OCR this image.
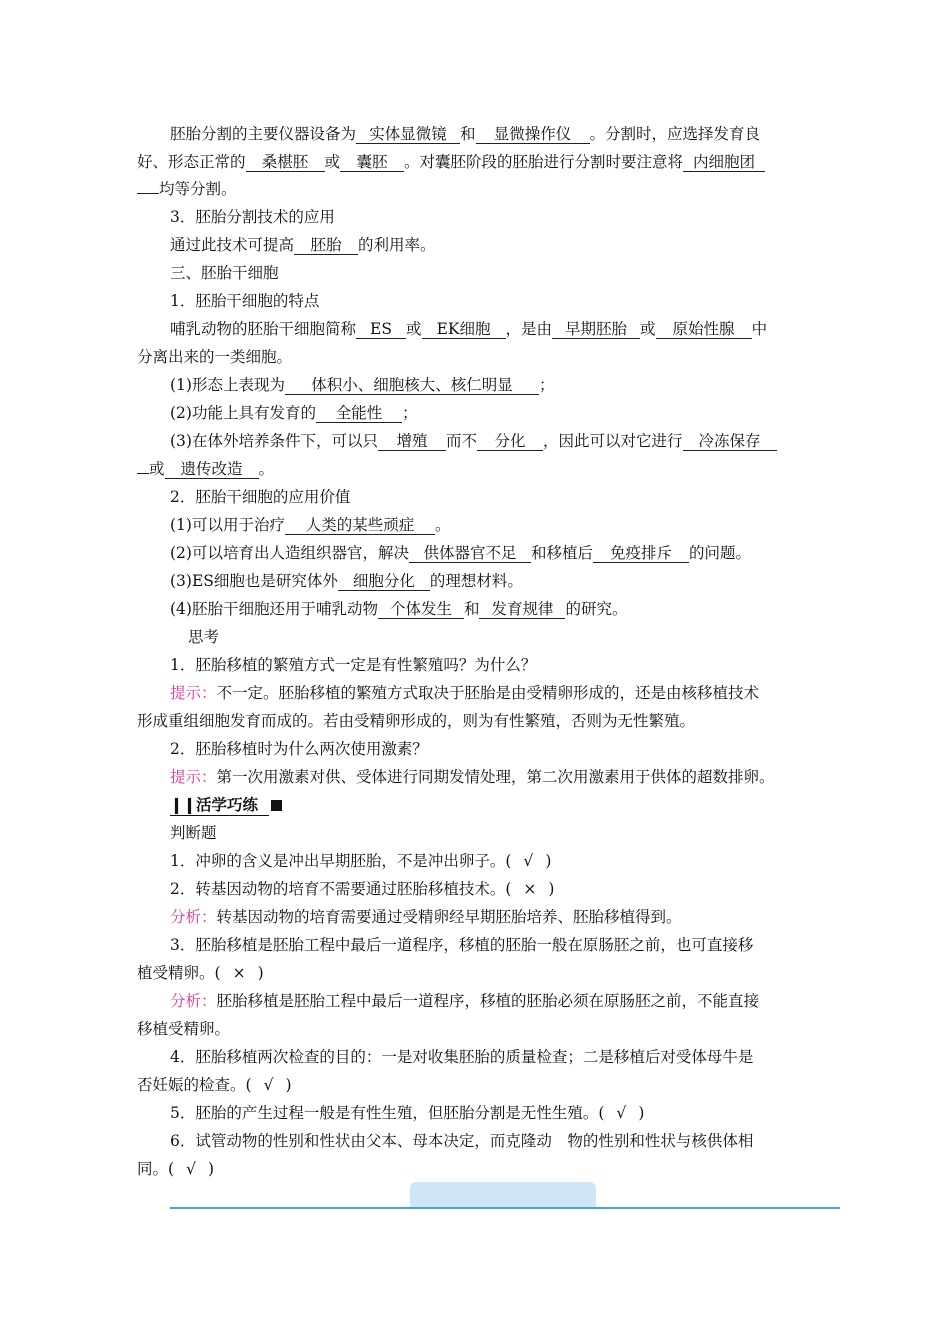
胚胎分割的主要仪器设备为 实体显微镜 和 显微操作仪 。分割时，应选择发育良
好、形态正常的 桑椹胚 或 囊胚 。对囊胚阶段的胚胎进行分割时要注意将 内细胞团
均等分割。
3．胚胎分割技术的应用
通过此技术可提高 胚胎 的利用率。
三、胚胎干细胞
1．胚胎干细胞的特点
哺乳动物的胚胎干细胞简称 ES 或 EK细胞 ，是由 早期胚胎 或 原始性腺 中
分离出来的一类细胞。
(1)形态上表现为 体积小、细胞核大、核仁明显 ；
(2)功能上具有发育的 全能性 ；
(3)在体外培养条件下，可以只 增殖 而不 分化 ，因此可以对它进行 冷冻保存
或 遗传改造 。
2．胚胎干细胞的应用价值
(1)可以用于治疗 人类的某些顽症 。
(2)可以培育出人造组织器官，解决 供体器官不足 和移植后 免疫排斥 的问题。
(3)ES细胞也是研究体外 细胞分化 的理想材料。
(4)胚胎干细胞还用于哺乳动物 个体发生 和 发育规律 的研究。
思考
1．胚胎移植的繁殖方式一定是有性繁殖吗？为什么？
提示：不一定。胚胎移植的繁殖方式取决于胚胎是由受精卵形成的，还是由核移植技术
形成重组细胞发育而成的。若由受精卵形成的，则为有性繁殖，否则为无性繁殖。
2．胚胎移植时为什么两次使用激素？
提示：第一次用激素对供、受体进行同期发情处理，第二次用激素用于供体的超数排卵。
❙❙活学巧练
判断题
1．冲卵的含义是冲出早期胚胎，不是冲出卵子。( √ )
2．转基因动物的培育不需要通过胚胎移植技术。( × )
分析：转基因动物的培育需要通过受精卵经早期胚胎培养、胚胎移植得到。
3．胚胎移植是胚胎工程中最后一道程序，移植的胚胎一般在原肠胚之前，也可直接移
植受精卵。( × )
分析：胚胎移植是胚胎工程中最后一道程序，移植的胚胎必须在原肠胚之前，不能直接
移植受精卵。
4．胚胎移植两次检查的目的：一是对收集胚胎的质量检查；二是移植后对受体母牛是
否妊娠的检查。( √ )
5．胚胎的产生过程一般是有性生殖，但胚胎分割是无性生殖。( √ )
6．试管动物的性别和性状由父本、母本决定，而克隆动　物的性别和性状与核供体相
同。( √ )
